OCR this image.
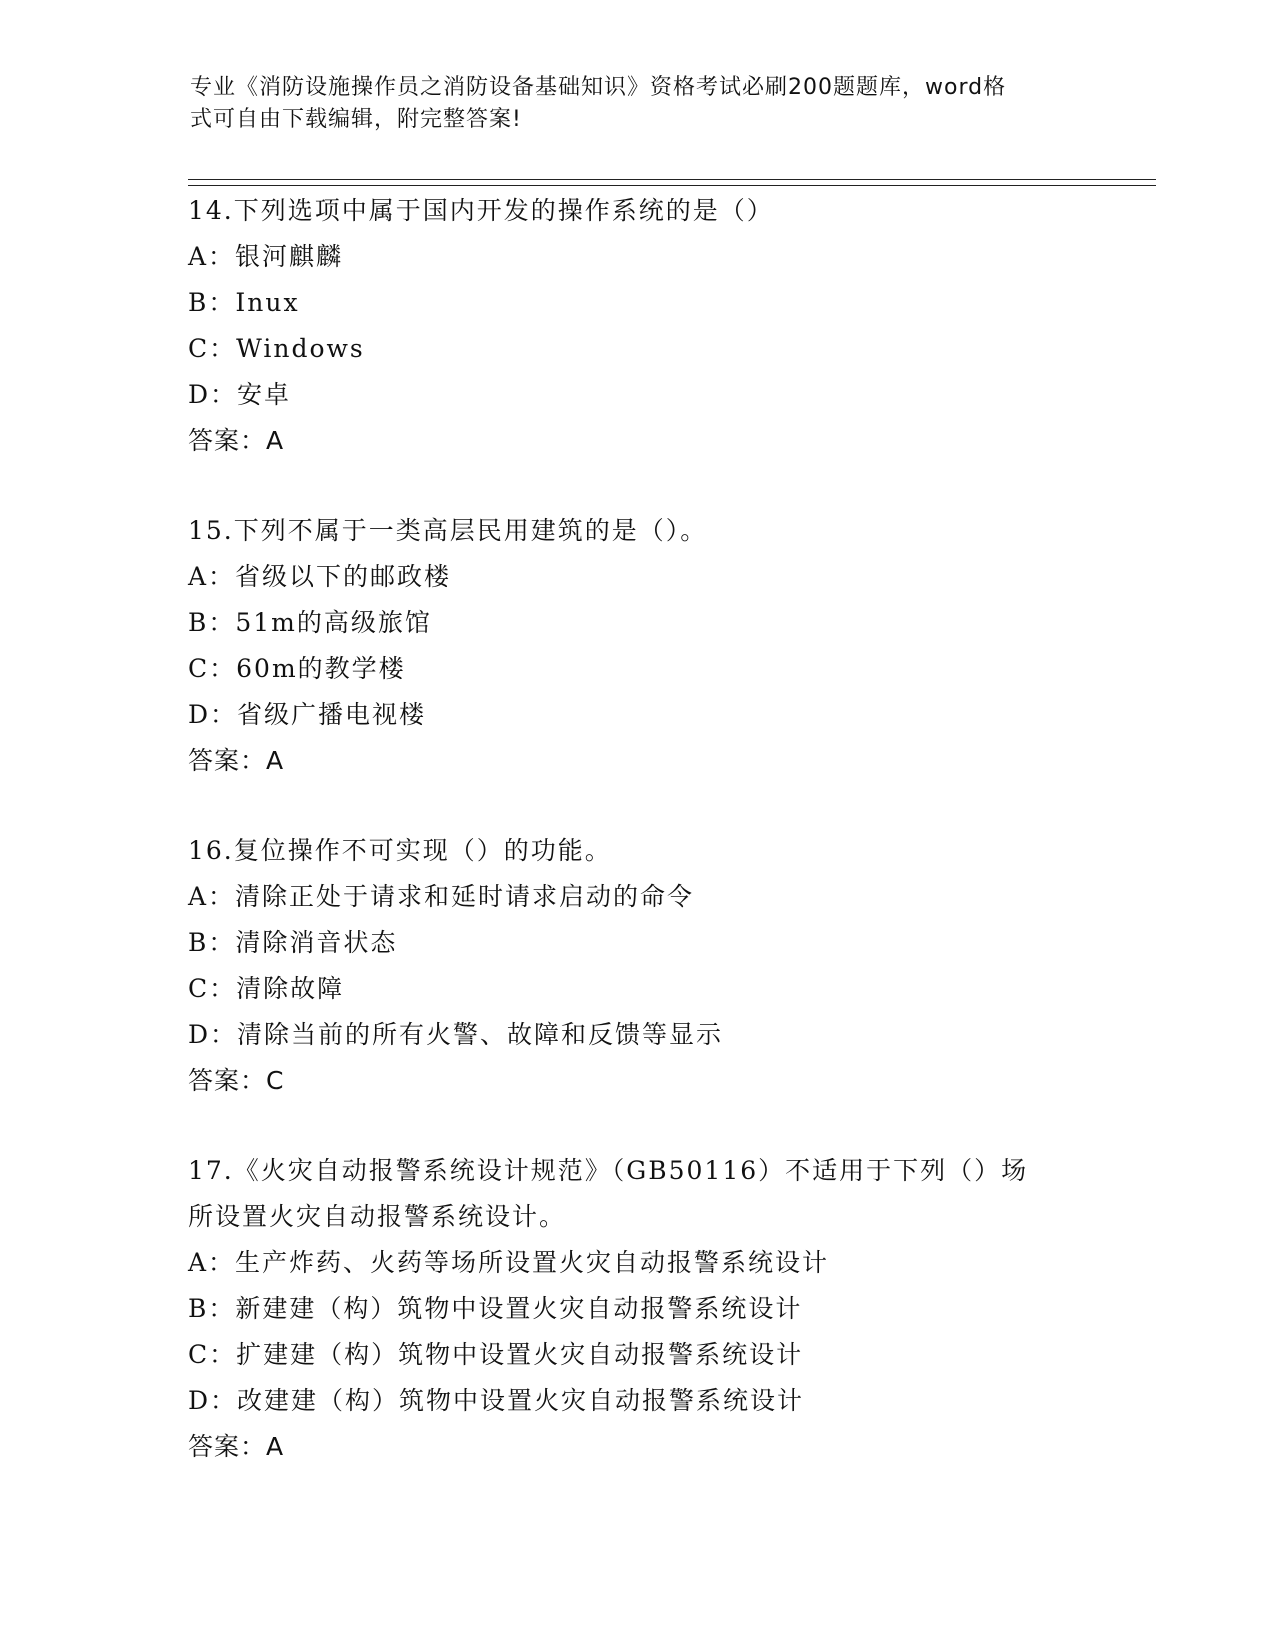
专业《消防设施操作员之消防设备基础知识》资格考试必刷200题题库，word格
式可自由下载编辑，附完整答案!
14.下列选项中属于国内开发的操作系统的是（）
A：银河麒麟
B：Inux
C：Windows
D：安卓
答案：A
15.下列不属于一类高层民用建筑的是（）。
A：省级以下的邮政楼
B：51m的高级旅馆
C：60m的教学楼
D：省级广播电视楼
答案：A
16.复位操作不可实现（）的功能。
A：清除正处于请求和延时请求启动的命令
B：清除消音状态
C：清除故障
D：清除当前的所有火警、故障和反馈等显示
答案：C
17.《火灾自动报警系统设计规范》（GB50116）不适用于下列（）场
所设置火灾自动报警系统设计。
A：生产炸药、火药等场所设置火灾自动报警系统设计
B：新建建（构）筑物中设置火灾自动报警系统设计
C：扩建建（构）筑物中设置火灾自动报警系统设计
D：改建建（构）筑物中设置火灾自动报警系统设计
答案：A
